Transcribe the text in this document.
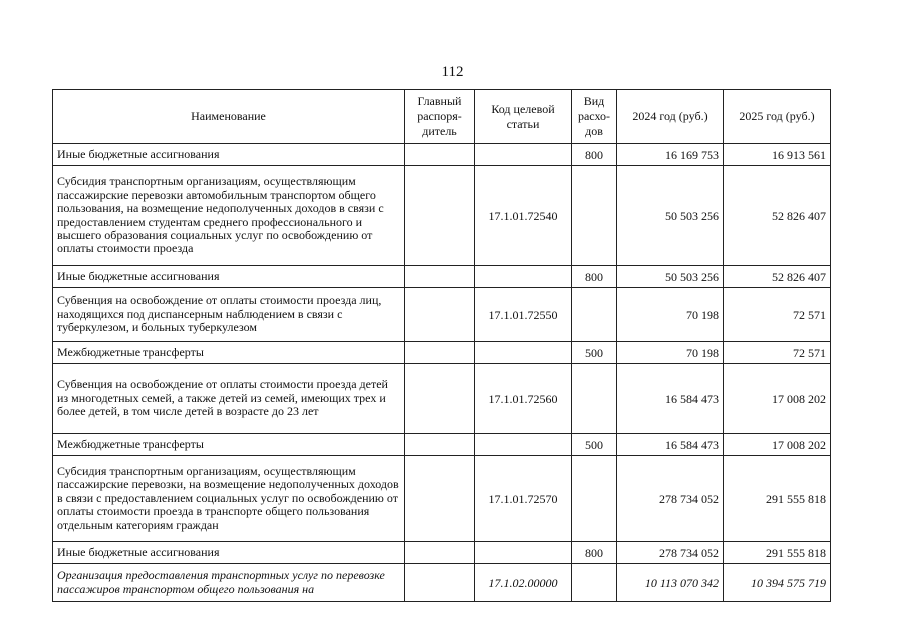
112
Наименование	Главный распоря-дитель	Код целевой статьи	Вид расхо-дов	2024 год (руб.)	2025 год (руб.)
Иные бюджетные ассигнования			800	16 169 753	16 913 561
Субсидия транспортным организациям, осуществляющим пассажирские перевозки автомобильным транспортом общего пользования, на возмещение недополученных доходов в связи с предоставлением студентам среднего профессионального и высшего образования социальных услуг по освобождению от оплаты стоимости проезда		17.1.01.72540		50 503 256	52 826 407
Иные бюджетные ассигнования			800	50 503 256	52 826 407
Субвенция на освобождение от оплаты стоимости проезда лиц, находящихся под диспансерным наблюдением в связи с туберкулезом, и больных туберкулезом		17.1.01.72550		70 198	72 571
Межбюджетные трансферты			500	70 198	72 571
Субвенция на освобождение от оплаты стоимости проезда детей из многодетных семей, а также детей из семей, имеющих трех и более детей, в том числе детей в возрасте до 23 лет		17.1.01.72560		16 584 473	17 008 202
Межбюджетные трансферты			500	16 584 473	17 008 202
Субсидия транспортным организациям, осуществляющим пассажирские перевозки, на возмещение недополученных доходов в связи с предоставлением социальных услуг по освобождению от оплаты стоимости проезда в транспорте общего пользования отдельным категориям граждан		17.1.01.72570		278 734 052	291 555 818
Иные бюджетные ассигнования			800	278 734 052	291 555 818
Организация предоставления транспортных услуг по перевозке пассажиров транспортом общего пользования на		17.1.02.00000		10 113 070 342	10 394 575 719
